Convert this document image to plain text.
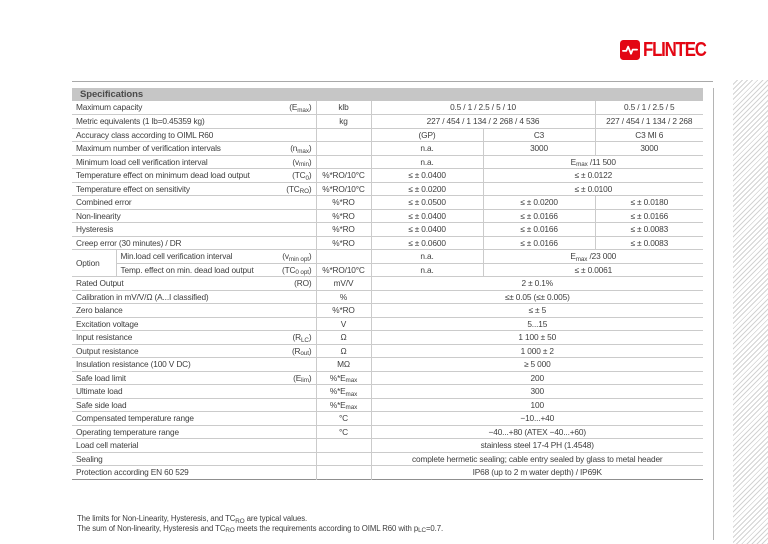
FLINTEC
Specifications
Maximum capacity $(E_{max})$		klb	0.5 / 1 / 2.5 / 5 / 10		0.5 / 1 / 2.5 / 5

Metric equivalents (1 lb=0.45359 kg)		kg	227 / 454 / 1 134 / 2 268 / 4 536		227 / 454 / 1 134 / 2 268

Accuracy class according to OIML R60			(GP)	C3	C3 MI 6

Maximum number of verification intervals $(n_{max})$			n.a.	3000	3000

Minimum load cell verification interval $(v_{min})$			n.a.	$E_{max}$ /11 500	

Temperature effect on minimum dead load output $(TC_0)$		%*RO/10°C	≤ ± 0.0400	≤ ± 0.0122	

Temperature effect on sensitivity $(TC_{RO})$		%*RO/10°C	≤ ± 0.0200	≤ ± 0.0100	

Combined error		%*RO	≤ ± 0.0500	≤ ± 0.0200	≤ ± 0.0180

Non-linearity		%*RO	≤ ± 0.0400	≤ ± 0.0166	≤ ± 0.0166

Hysteresis		%*RO	≤ ± 0.0400	≤ ± 0.0166	≤ ± 0.0083

Creep error (30 minutes) / DR		%*RO	≤ ± 0.0600	≤ ± 0.0166	≤ ± 0.0083
Option	Min.load cell verification interval $(v_{min opt})$		n.a.	$E_{max}$ /23 000	

	Temp. effect on min. dead load output $(TC_{0 opt})$	%*RO/10°C	n.a.	≤ ± 0.0061	

Rated Output (RO)		mV/V	2 ± 0.1%		

Calibration in mV/V/Ω (A...I classified)		%	≤± 0.05 (≤± 0.005)		

Zero balance		%*RO	≤ ± 5		

Excitation voltage		V	5...15		

Input resistance $(R_{LC})$		Ω	1 100 ± 50		

Output resistance $(R_{out})$		Ω	1 000 ± 2		

Insulation resistance (100 V DC)		MΩ	≥ 5 000		

Safe load limit $(E_{lim})$		$\%*E_{max}$	200		

Ultimate load		$\%*E_{max}$	300		

Safe side load		$\%*E_{max}$	100		

Compensated temperature range		°C	−10...+40		

Operating temperature range		°C	−40...+80 (ATEX −40...+60)		

Load cell material			stainless steel 17-4 PH (1.4548)		

Sealing			complete hermetic sealing; cable entry sealed by glass to metal header		

Protection according EN 60 529			IP68 (up to 2 m water depth) / IP69K		
The limits for Non-Linearity, Hysteresis, and $TC_{RO}$ are typical values.
The sum of Non-linearity, Hysteresis and $TC_{RO}$ meets the requirements according to OIML R60 with $p_{LC}=0.7$.
